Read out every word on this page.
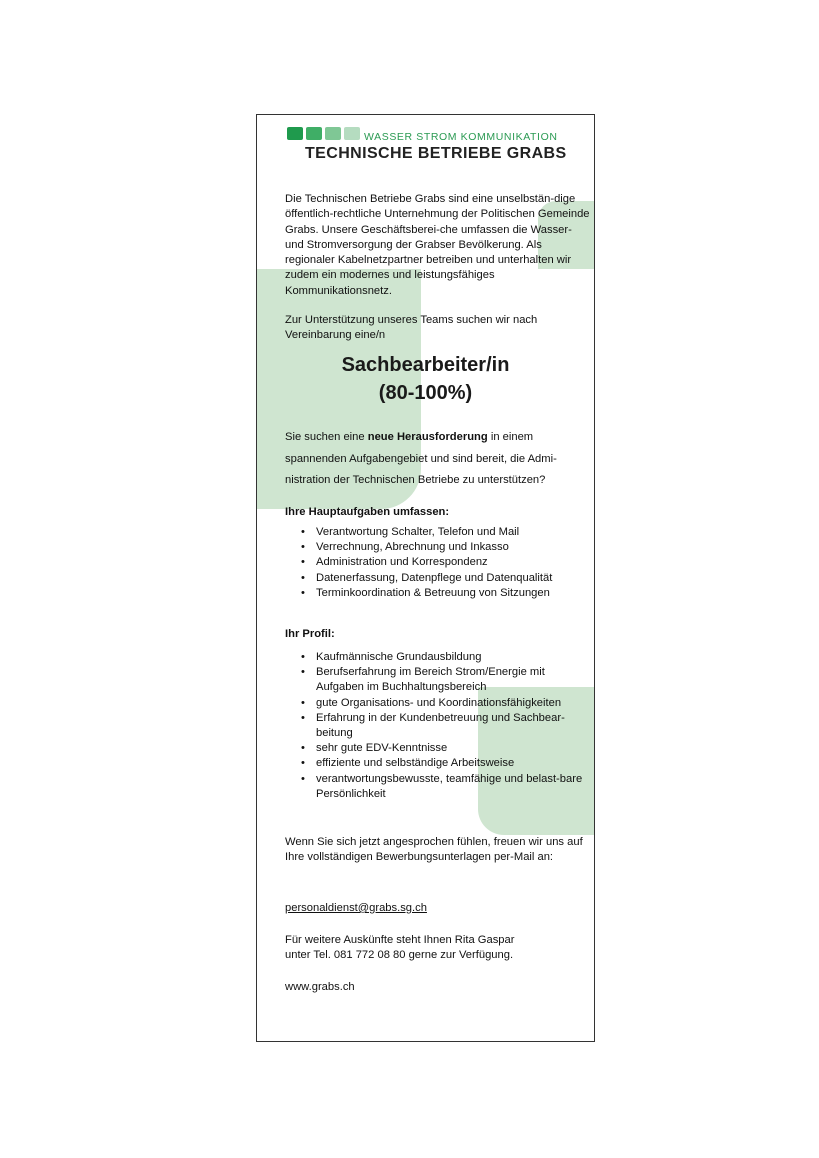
WASSER STROM KOMMUNIKATION
TECHNISCHE BETRIEBE GRABS

Die Technischen Betriebe Grabs sind eine unselbstän-dige öffentlich-rechtliche Unternehmung der Politischen Gemeinde Grabs. Unsere Geschäftsberei-che umfassen die Wasser- und Stromversorgung der Grabser Bevölkerung. Als regionaler Kabelnetzpartner betreiben und unterhalten wir zudem ein modernes und leistungsfähiges Kommunikationsnetz.

Zur Unterstützung unseres Teams suchen wir nach Vereinbarung eine/n

Sachbearbeiter/in
(80-100%)

Sie suchen eine neue Herausforderung in einem spannenden Aufgabengebiet und sind bereit, die Admi-nistration der Technischen Betriebe zu unterstützen?

Ihre Hauptaufgaben umfassen:
• Verantwortung Schalter, Telefon und Mail
• Verrechnung, Abrechnung und Inkasso
• Administration und Korrespondenz
• Datenerfassung, Datenpflege und Datenqualität
• Terminkoordination & Betreuung von Sitzungen
Ihr Profil:
• Kaufmännische Grundausbildung
• Berufserfahrung im Bereich Strom/Energie mit Aufgaben im Buchhaltungsbereich
• gute Organisations- und Koordinationsfähigkeiten
• Erfahrung in der Kundenbetreuung und Sachbear-beitung
• sehr gute EDV-Kenntnisse
• effiziente und selbständige Arbeitsweise
• verantwortungsbewusste, teamfähige und belast-bare Persönlichkeit

Wenn Sie sich jetzt angesprochen fühlen, freuen wir uns auf Ihre vollständigen Bewerbungsunterlagen per-Mail an:

personaldienst@grabs.sg.ch

Für weitere Auskünfte steht Ihnen Rita Gaspar
unter Tel. 081 772 08 80 gerne zur Verfügung.

www.grabs.ch
